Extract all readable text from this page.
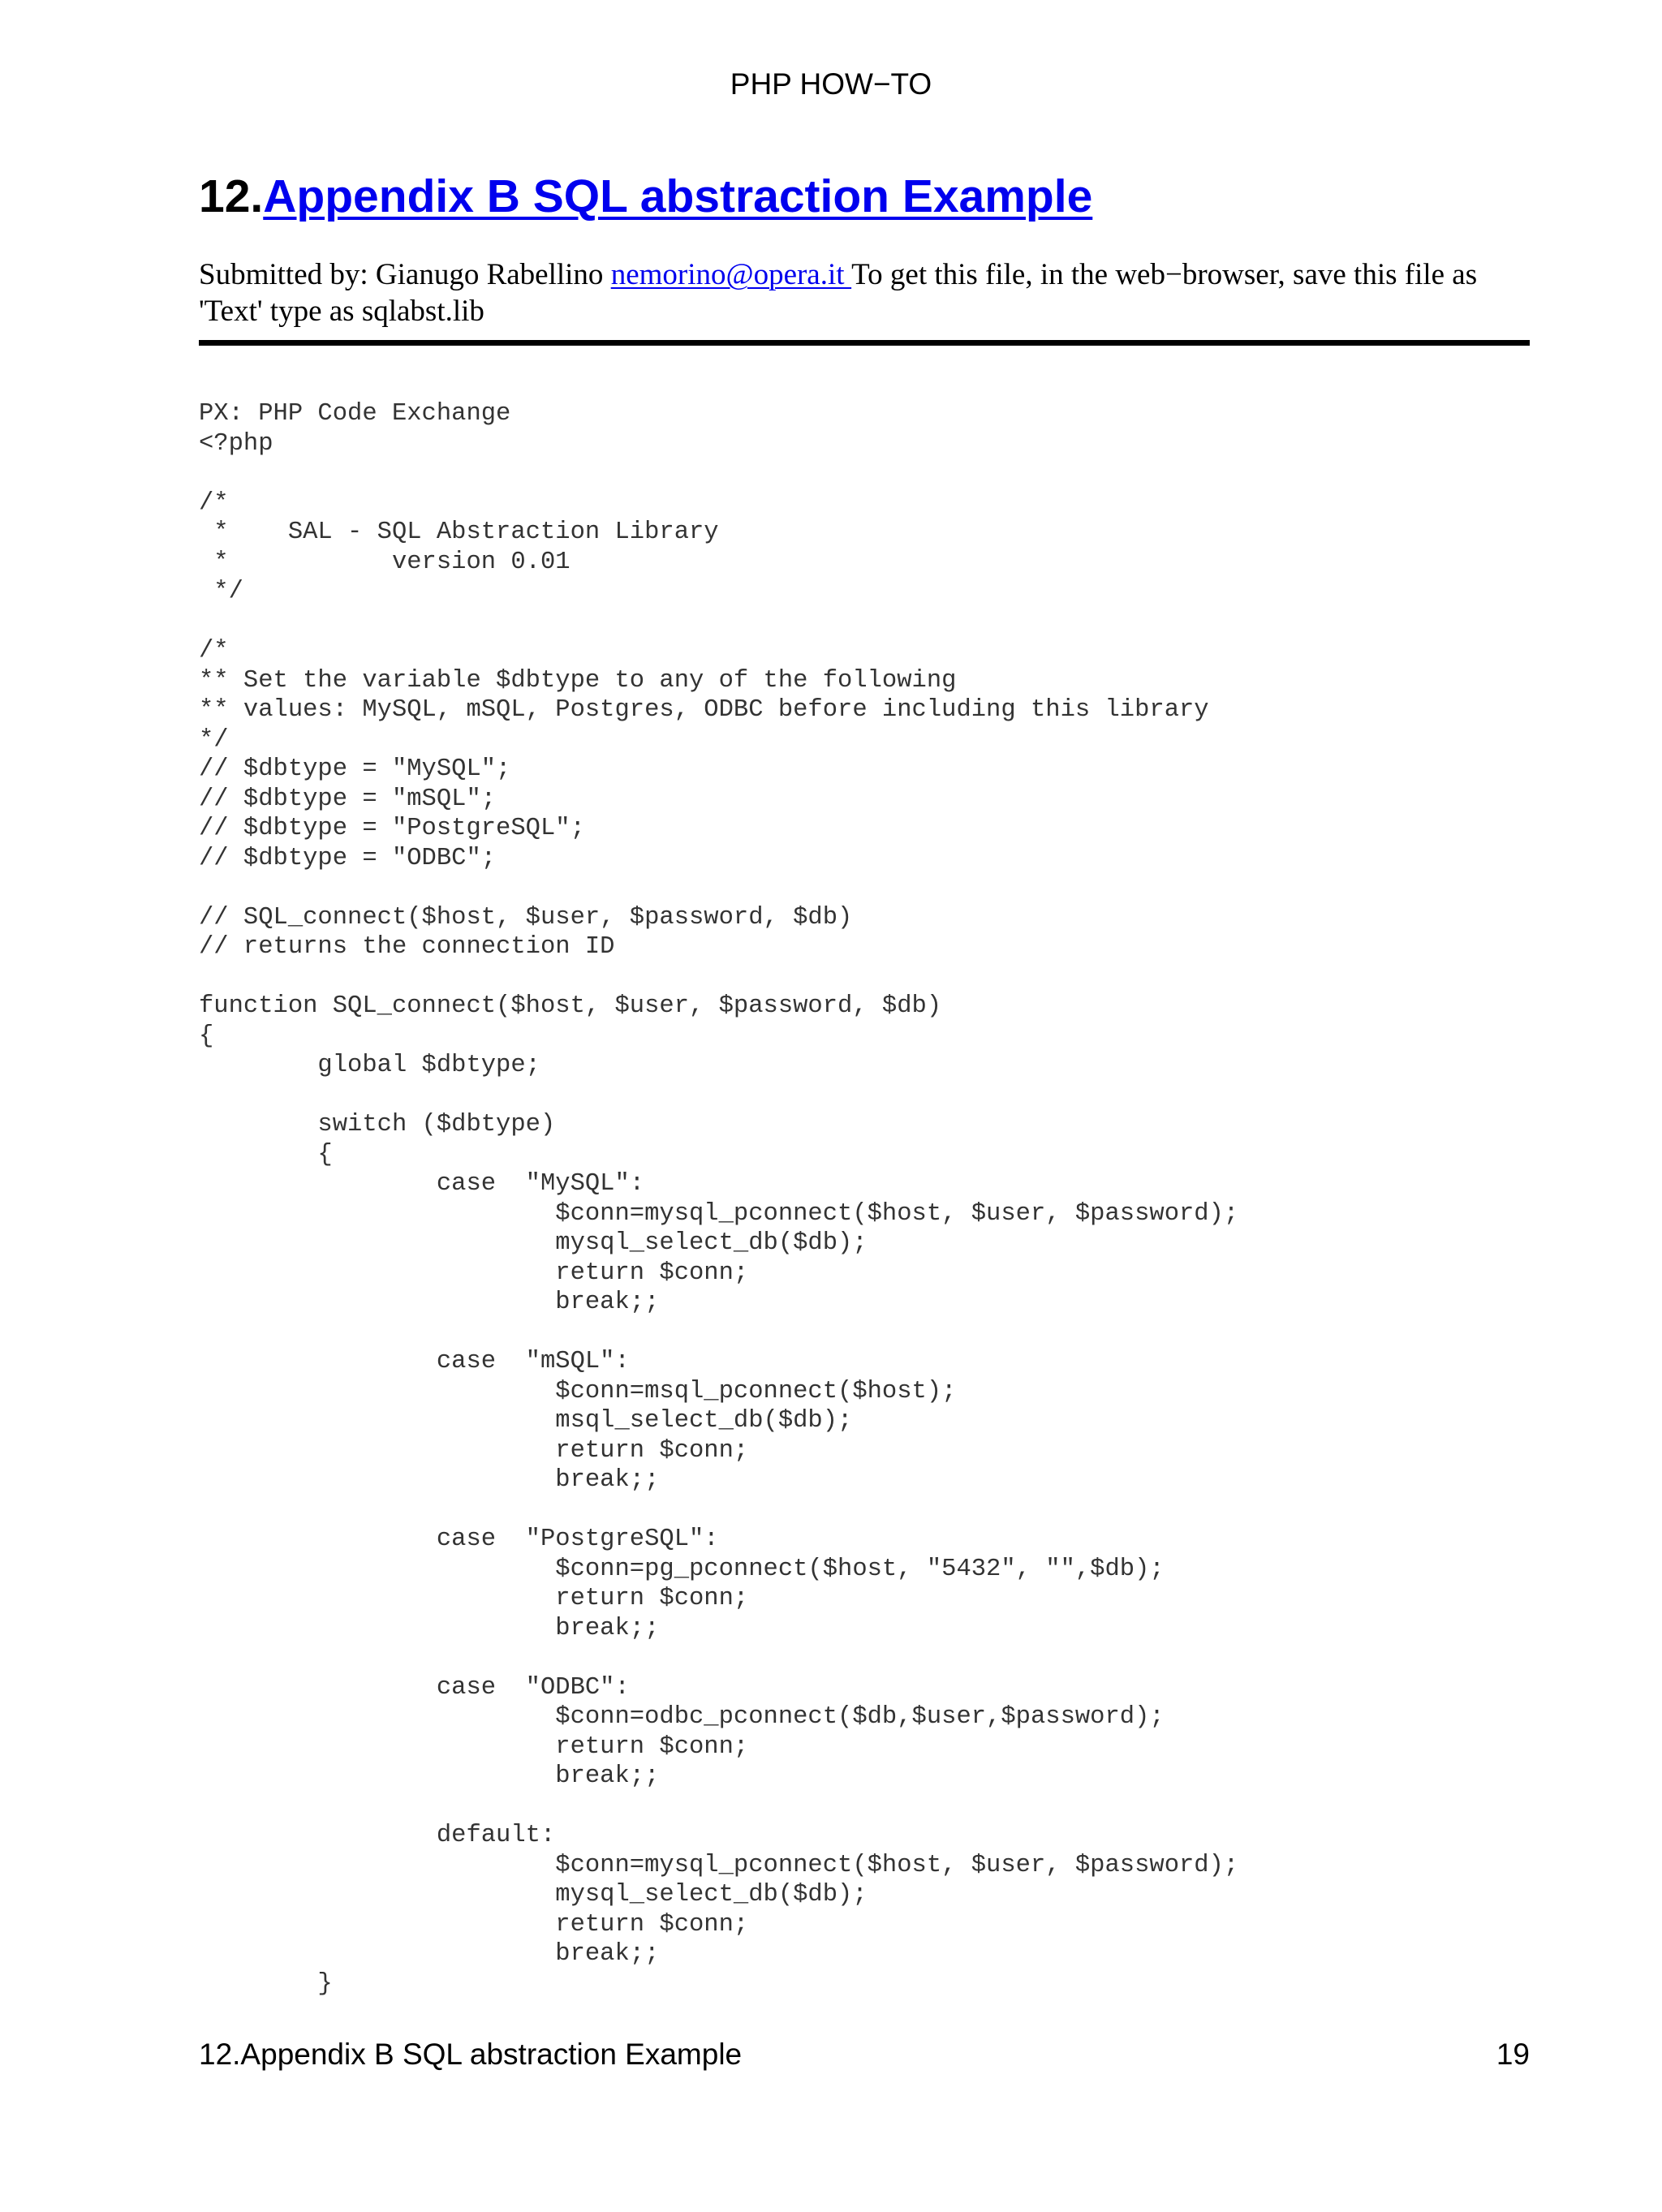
PHP HOW−TO
12.Appendix B SQL abstraction Example

Submitted by: Gianugo Rabellino nemorino@opera.it To get this file, in the web−browser, save this file as 'Text' type as sqlabst.lib

PX: PHP Code Exchange
<?php

/*
*    SAL - SQL Abstraction Library
*           version 0.01
*/

/*
** Set the variable $dbtype to any of the following
** values: MySQL, mSQL, Postgres, ODBC before including this library
*/
// $dbtype = "MySQL";
// $dbtype = "mSQL";
// $dbtype = "PostgreSQL";
// $dbtype = "ODBC";

// SQL_connect($host, $user, $password, $db)
// returns the connection ID

function SQL_connect($host, $user, $password, $db)
{
global $dbtype;

switch ($dbtype)
{
case  "MySQL":
$conn=mysql_pconnect($host, $user, $password);
mysql_select_db($db);
return $conn;
break;;

case  "mSQL":
$conn=msql_pconnect($host);
msql_select_db($db);
return $conn;
break;;

case  "PostgreSQL":
$conn=pg_pconnect($host, "5432", "",$db);
return $conn;
break;;

case  "ODBC":
$conn=odbc_pconnect($db,$user,$password);
return $conn;
break;;

default:
$conn=mysql_pconnect($host, $user, $password);
mysql_select_db($db);
return $conn;
break;;
}
12.Appendix B SQL abstraction Example	19
